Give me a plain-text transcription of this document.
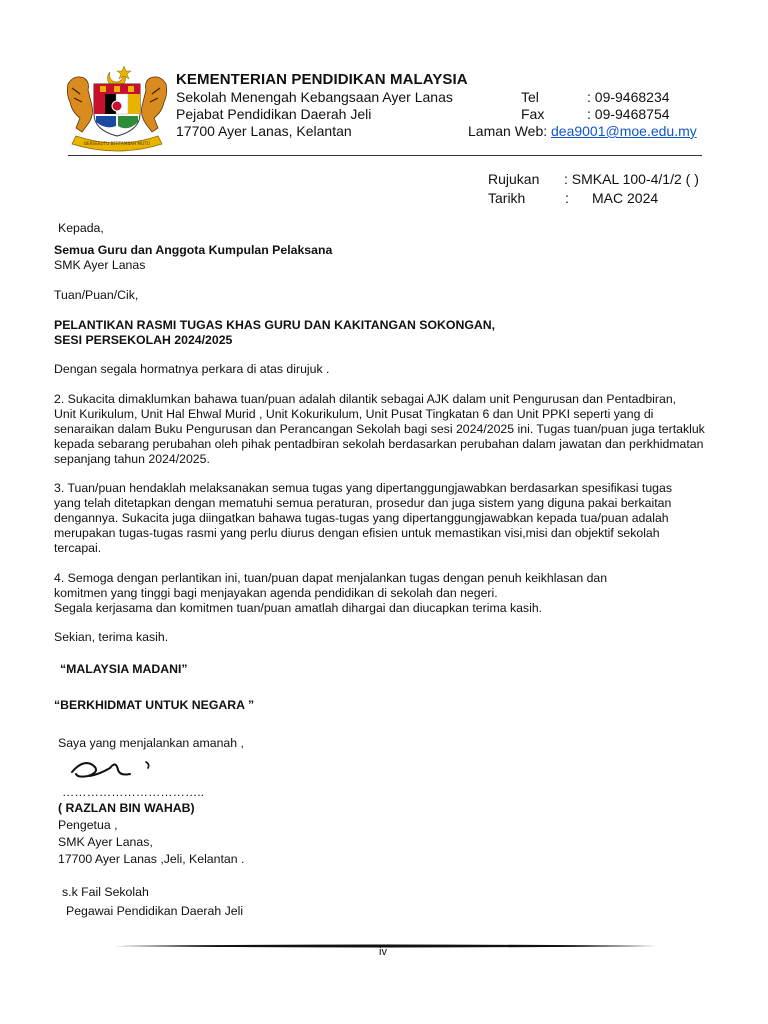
BERSEKUTU BERTAMBAH MUTU
KEMENTERIAN PENDIDIKAN MALAYSIA
Sekolah Menengah Kebangsaan Ayer Lanas
Pejabat Pendidikan Daerah Jeli
17700 Ayer Lanas, Kelantan
Tel	: 09-9468234
Fax	: 09-9468754
Laman Web: dea9001@moe.edu.my
Rujukan : SMKAL 100-4/1/2 ( )
Tarikh	: MAC 2024
Kepada,
Semua Guru dan Anggota Kumpulan Pelaksana
SMK Ayer Lanas
Tuan/Puan/Cik,
PELANTIKAN RASMI TUGAS KHAS GURU DAN KAKITANGAN SOKONGAN,
SESI PERSEKOLAH 2024/2025
Dengan segala hormatnya perkara di atas dirujuk .
2. Sukacita dimaklumkan bahawa tuan/puan adalah dilantik sebagai AJK dalam unit Pengurusan dan Pentadbiran,
Unit Kurikulum, Unit Hal Ehwal Murid , Unit Kokurikulum, Unit Pusat Tingkatan 6 dan Unit PPKI seperti yang di
senaraikan dalam Buku Pengurusan dan Perancangan Sekolah bagi sesi 2024/2025 ini. Tugas tuan/puan juga tertakluk
kepada sebarang perubahan oleh pihak pentadbiran sekolah berdasarkan perubahan dalam jawatan dan perkhidmatan
sepanjang tahun 2024/2025.
3. Tuan/puan hendaklah melaksanakan semua tugas yang dipertanggungjawabkan berdasarkan spesifikasi tugas
yang telah ditetapkan dengan mematuhi semua peraturan, prosedur dan juga sistem yang diguna pakai berkaitan
dengannya. Sukacita juga diingatkan bahawa tugas-tugas yang dipertanggungjawabkan kepada tua/puan adalah
merupakan tugas-tugas rasmi yang perlu diurus dengan efisien untuk memastikan visi,misi dan objektif sekolah
tercapai.
4. Semoga dengan perlantikan ini, tuan/puan dapat menjalankan tugas dengan penuh keikhlasan dan
komitmen yang tinggi bagi menjayakan agenda pendidikan di sekolah dan negeri.
Segala kerjasama dan komitmen tuan/puan amatlah dihargai dan diucapkan terima kasih.
Sekian, terima kasih.
“MALAYSIA MADANI”
“BERKHIDMAT UNTUK NEGARA ”
Saya yang menjalankan amanah ,
……………………………..
( RAZLAN BIN WAHAB)
Pengetua ,
SMK Ayer Lanas,
17700 Ayer Lanas ,Jeli, Kelantan .
s.k Fail Sekolah
Pegawai Pendidikan Daerah Jeli
iv
